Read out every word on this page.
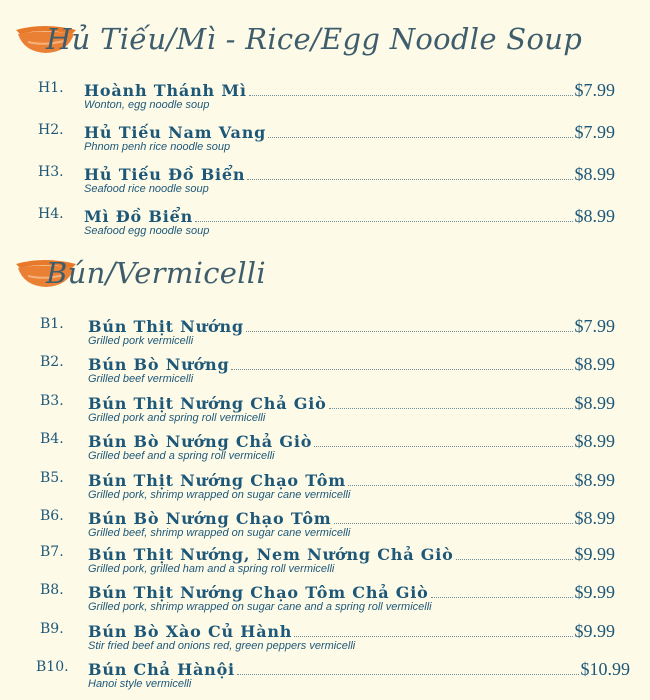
Hủ Tiếu/Mì - Rice/Egg Noodle Soup
H1. Hoành Thánh Mì	$7.99
Wonton, egg noodle soup
H2. Hủ Tiếu Nam Vang	$7.99
Phnom penh rice noodle soup
H3. Hủ Tiếu Đồ Biển	$8.99
Seafood rice noodle soup
H4. Mì Đồ Biển	$8.99
Seafood egg noodle soup
Bún/Vermicelli
B1. Bún Thịt Nướng	$7.99
Grilled pork vermicelli
B2. Bún Bò Nướng	$8.99
Grilled beef vermicelli
B3. Bún Thịt Nướng Chả Giò	$8.99
Grilled pork and spring roll vermicelli
B4. Bún Bò Nướng Chả Giò	$8.99
Grilled beef and a spring roll vermicelli
B5. Bún Thịt Nướng Chạo Tôm	$8.99
Grilled pork, shrimp wrapped on sugar cane vermicelli
B6. Bún Bò Nướng Chạo Tôm	$8.99
Grilled beef, shrimp wrapped on sugar cane vermicelli
B7. Bún Thịt Nướng, Nem Nướng Chả Giò	$9.99
Grilled pork, grilled ham and a spring roll vermicelli
B8. Bún Thịt Nướng Chạo Tôm Chả Giò	$9.99
Grilled pork, shrimp wrapped on sugar cane and a spring roll vermicelli
B9. Bún Bò Xào Củ Hành	$9.99
Stir fried beef and onions red, green peppers vermicelli
B10. Bún Chả Hànội	$10.99
Hanoi style vermicelli
